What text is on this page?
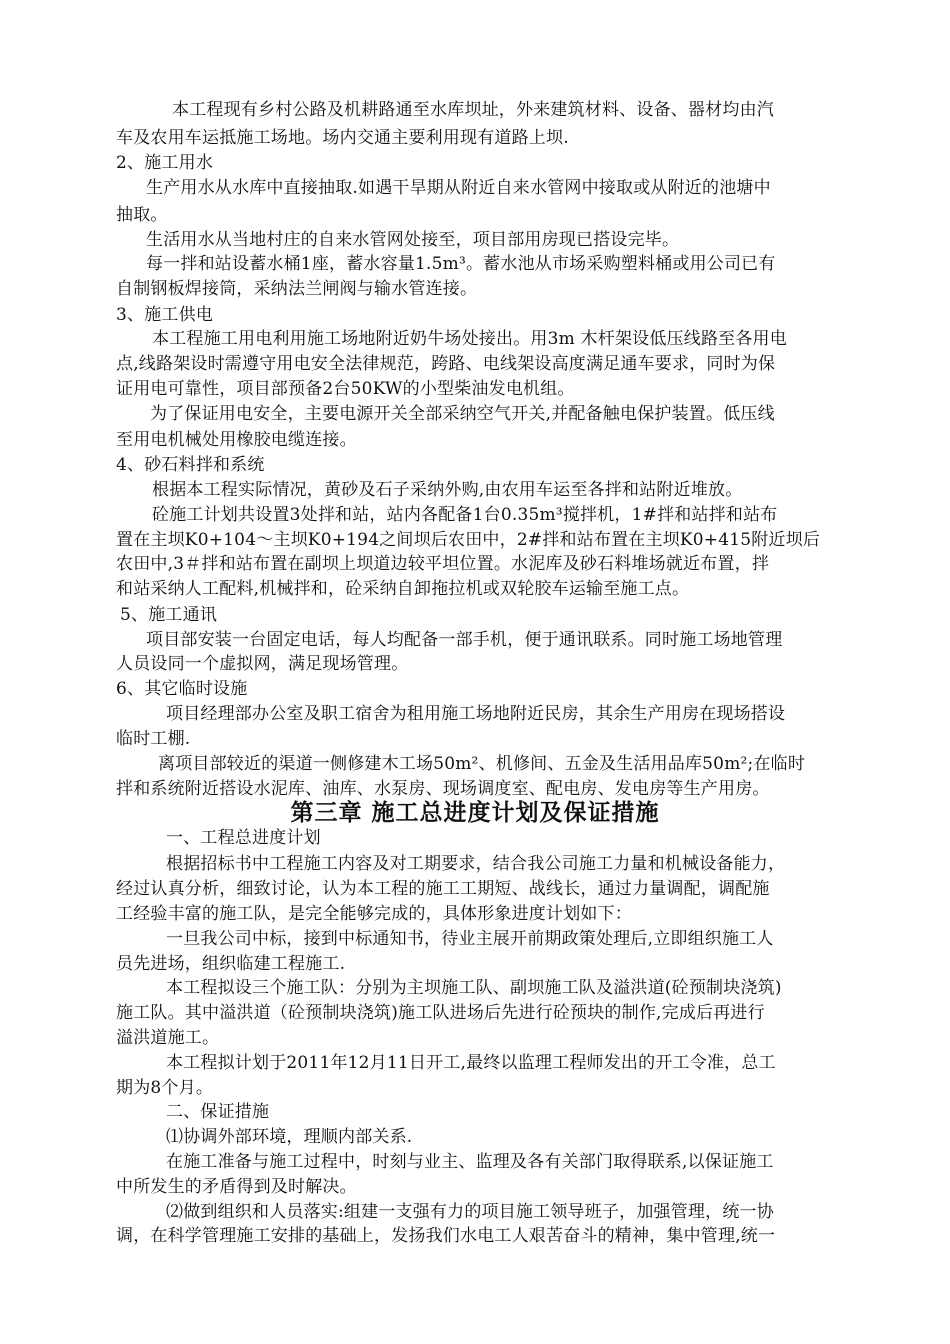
本工程现有乡村公路及机耕路通至水库坝址，外来建筑材料、设备、器材均由汽
车及农用车运抵施工场地。场内交通主要利用现有道路上坝.
2、施工用水
生产用水从水库中直接抽取.如遇干旱期从附近自来水管网中接取或从附近的池塘中
抽取。
生活用水从当地村庄的自来水管网处接至，项目部用房现已搭设完毕。
每一拌和站设蓄水桶1座，蓄水容量1.5m³。蓄水池从市场采购塑料桶或用公司已有
自制钢板焊接筒，采纳法兰闸阀与输水管连接。
3、施工供电
本工程施工用电利用施工场地附近奶牛场处接出。用3m 木杆架设低压线路至各用电
点,线路架设时需遵守用电安全法律规范，跨路、电线架设高度满足通车要求，同时为保
证用电可靠性，项目部预备2台50KW的小型柴油发电机组。
为了保证用电安全，主要电源开关全部采纳空气开关,并配备触电保护装置。低压线
至用电机械处用橡胶电缆连接。
4、砂石料拌和系统
根据本工程实际情况，黄砂及石子采纳外购,由农用车运至各拌和站附近堆放。
砼施工计划共设置3处拌和站，站内各配备1台0.35m³搅拌机，1#拌和站拌和站布
置在主坝K0+104～主坝K0+194之间坝后农田中，2#拌和站布置在主坝K0+415附近坝后
农田中,3＃拌和站布置在副坝上坝道边较平坦位置。水泥库及砂石料堆场就近布置，拌
和站采纳人工配料,机械拌和，砼采纳自卸拖拉机或双轮胶车运输至施工点。
5、施工通讯
项目部安装一台固定电话，每人均配备一部手机，便于通讯联系。同时施工场地管理
人员设同一个虚拟网，满足现场管理。
6、其它临时设施
项目经理部办公室及职工宿舍为租用施工场地附近民房，其余生产用房在现场搭设
临时工棚.
离项目部较近的渠道一侧修建木工场50m²、机修间、五金及生活用品库50m²;在临时
拌和系统附近搭设水泥库、油库、水泵房、现场调度室、配电房、发电房等生产用房。
第三章 施工总进度计划及保证措施
一、工程总进度计划
根据招标书中工程施工内容及对工期要求，结合我公司施工力量和机械设备能力，
经过认真分析，细致讨论，认为本工程的施工工期短、战线长，通过力量调配，调配施
工经验丰富的施工队，是完全能够完成的，具体形象进度计划如下：
一旦我公司中标，接到中标通知书，待业主展开前期政策处理后,立即组织施工人
员先进场，组织临建工程施工.
本工程拟设三个施工队：分别为主坝施工队、副坝施工队及溢洪道(砼预制块浇筑)
施工队。其中溢洪道（砼预制块浇筑)施工队进场后先进行砼预块的制作,完成后再进行
溢洪道施工。
本工程拟计划于2011年12月11日开工,最终以监理工程师发出的开工令准，总工
期为8个月。
二、保证措施
⑴协调外部环境，理顺内部关系.
在施工准备与施工过程中，时刻与业主、监理及各有关部门取得联系,以保证施工
中所发生的矛盾得到及时解决。
⑵做到组织和人员落实:组建一支强有力的项目施工领导班子，加强管理，统一协
调，在科学管理施工安排的基础上，发扬我们水电工人艰苦奋斗的精神，集中管理,统一
